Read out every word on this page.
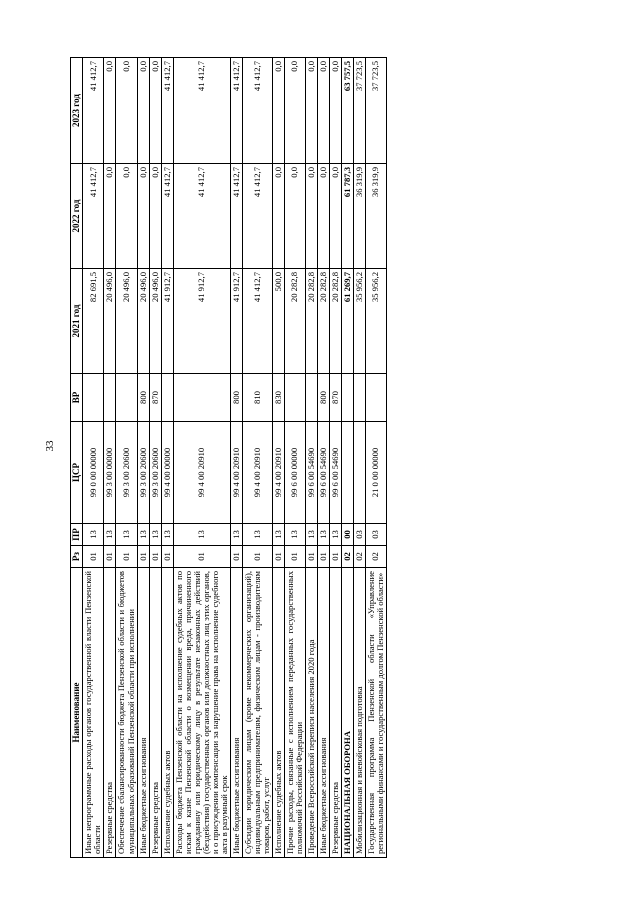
33
Наименование	Рз	ПР	ЦСР	ВР	2021 год	2022 год	2023 год
Иные непрограммные расходы органов государственной власти Пензенской области	01	13	99 0 00 00000		82 691,5	41 412,7	41 412,7
Резервные средства	01	13	99 3 00 00000		20 496,0	0,0	0,0
Обеспечение сбалансированности бюджета Пензенской области и бюджетов муниципальных образований Пензенской области при исполнении	01	13	99 3 00 20600		20 496,0	0,0	0,0
Иные бюджетные ассигнования	01	13	99 3 00 20600	800	20 496,0	0,0	0,0
Резервные средства	01	13	99 3 00 20600	870	20 496,0	0,0	0,0
Исполнение судебных актов	01	13	99 4 00 00000		41 912,7	41 412,7	41 412,7
Расходы бюджета Пензенской области на исполнение судебных актов по искам к казне Пензенской области о возмещении вреда, причиненного гражданину или юридическому лицу в результате незаконных действий (бездействия) государственных органов или должностных лиц этих органов, и о присуждении компенсации за нарушение права на исполнение судебного акта в разумный срок	01	13	99 4 00 20910		41 912,7	41 412,7	41 412,7
Иные бюджетные ассигнования	01	13	99 4 00 20910	800	41 912,7	41 412,7	41 412,7
Субсидии юридическим лицам (кроме некоммерческих организаций), индивидуальным предпринимателям, физическим лицам - производителям товаров, работ, услуг	01	13	99 4 00 20910	810	41 412,7	41 412,7	41 412,7
Исполнение судебных актов	01	13	99 4 00 20910	830	500,0	0,0	0,0
Прочие расходы, связанные с исполнением переданных государственных полномочий Российской Федерации	01	13	99 6 00 00000		20 282,8	0,0	0,0
Проведение Всероссийской переписи населения 2020 года	01	13	99 6 00 54690		20 282,8	0,0	0,0
Иные бюджетные ассигнования	01	13	99 6 00 54690	800	20 282,8	0,0	0,0
Резервные средства	01	13	99 6 00 54690	870	20 282,8	0,0	0,0
НАЦИОНАЛЬНАЯ ОБОРОНА	02	00			61 269,7	61 787,3	63 757,5
Мобилизационная и вневойсковая подготовка	02	03			35 956,2	36 319,9	37 723,5
Государственная программа Пензенской области «Управление региональными финансами и государственным долгом Пензенской области»	02	03	21 0 00 00000		35 956,2	36 319,9	37 723,5
